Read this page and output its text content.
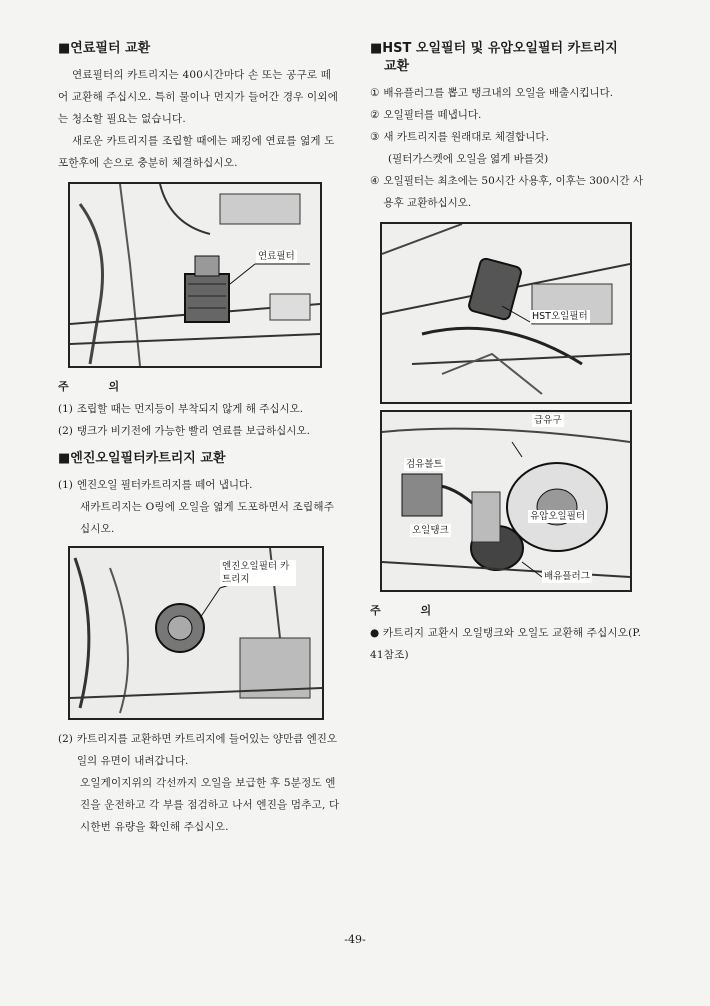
■연료필터 교환

연료필터의 카트리지는 400시간마다 손 또는 공구로 떼어 교환해 주십시오. 특히 물이나 먼지가 들어간 경우 이외에는 청소할 필요는 없습니다.

새로운 카트리지를 조립할 때에는 패킹에 연료를 엷게 도포한후에 손으로 충분히 체결하십시오.

연료필터
주 의
(1) 조립할 때는 먼지등이 부착되지 않게 해 주십시오.
(2) 탱크가 비기전에 가능한 빨리 연료를 보급하십시오.
■엔진오일필터카트리지 교환
(1) 엔진오일 필터카트리지를 떼어 냅니다.

새카트리지는 O링에 오일을 엷게 도포하면서 조립해주십시오.

엔진오일필터 카트리지
(2) 카트리지를 교환하면 카트리지에 들어있는 양만큼 엔진오일의 유면이 내려갑니다.

오일게이지위의 각선까지 오일을 보급한 후 5분정도 엔진을 운전하고 각 부를 점검하고 나서 엔진을 멈추고, 다시한번 유량을 확인해 주십시오.

■HST 오일필터 및 유압오일필터 카트리지
교환
① 배유플러그를 뽑고 탱크내의 오일을 배출시킵니다.
② 오일필터를 떼냅니다.
③ 새 카트리지를 원래대로 체결합니다.
(필터가스켓에 오일을 엷게 바를것)
④ 오일필터는 최초에는 50시간 사용후, 이후는 300시간 사용후 교환하십시오.
HST오일필터
급유구
검유볼트
오일탱크
유압오일필터
배유플러그
주 의

● 카트리지 교환시 오일탱크와 오일도 교환해 주십시오(P. 41참조)

-49-
